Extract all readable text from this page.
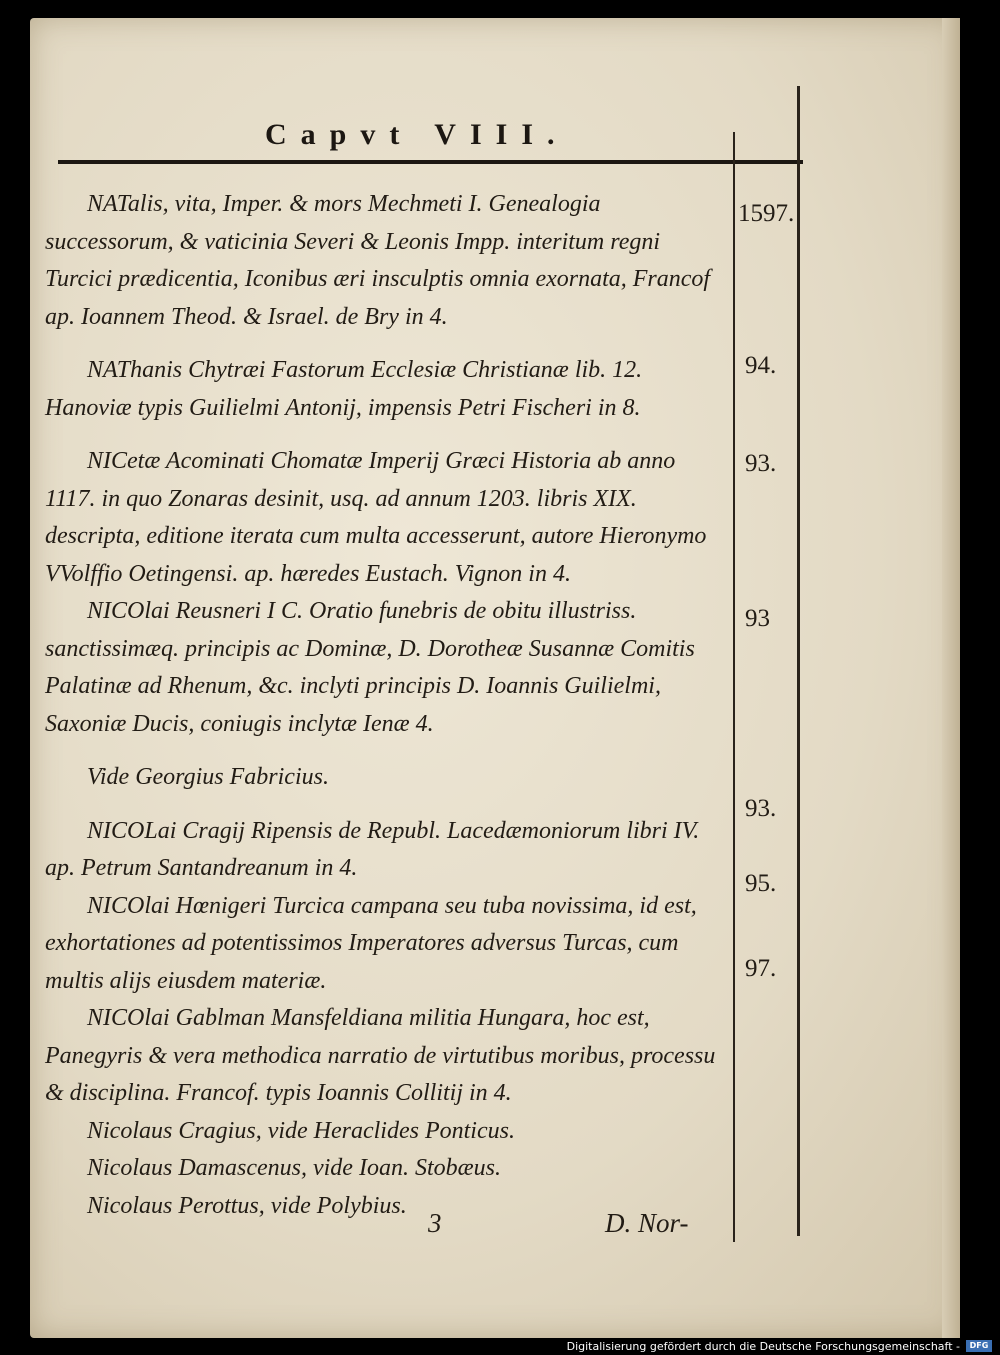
Capvt VIII.

NATalis, vita, Imper. & mors Mechmeti I. Genealogia successorum, & vaticinia Severi & Leonis Impp. interitum regni Turcici prædicentia, Iconibus æri insculptis omnia exornata, Francof ap. Ioannem Theod. & Israel. de Bry in 4.

NAThanis Chytræi Fastorum Ecclesiæ Christianæ lib. 12. Hanoviæ typis Guilielmi Antonij, impensis Petri Fischeri in 8.

NICetæ Acominati Chomatæ Imperij Græci Historia ab anno 1117. in quo Zonaras desinit, usq. ad annum 1203. libris XIX. descripta, editione iterata cum multa accesserunt, autore Hieronymo VVolffio Oetingensi. ap. hæredes Eustach. Vignon in 4.

NICOlai Reusneri I C. Oratio funebris de obitu illustriss. sanctissimæq. principis ac Dominæ, D. Dorotheæ Susannæ Comitis Palatinæ ad Rhenum, &c. inclyti principis D. Ioannis Guilielmi, Saxoniæ Ducis, coniugis inclytæ Ienæ 4.

Vide Georgius Fabricius.

NICOLai Cragij Ripensis de Republ. Lacedæmoniorum libri IV. ap. Petrum Santandreanum in 4.

NICOlai Hœnigeri Turcica campana seu tuba novissima, id est, exhortationes ad potentissimos Imperatores adversus Turcas, cum multis alijs eiusdem materiæ.

NICOlai Gablman Mansfeldiana militia Hungara, hoc est, Panegyris & vera methodica narratio de virtutibus moribus, processu & disciplina. Francof. typis Ioannis Collitij in 4.

Nicolaus Cragius, vide Heraclides Ponticus.

Nicolaus Damascenus, vide Ioan. Stobæus.

Nicolaus Perottus, vide Polybius.

1597.
94.
93.
93
93.
95.
97.
3	D. Nor-
Digitalisierung gefördert durch die Deutsche Forschungsgemeinschaft -	DFG
